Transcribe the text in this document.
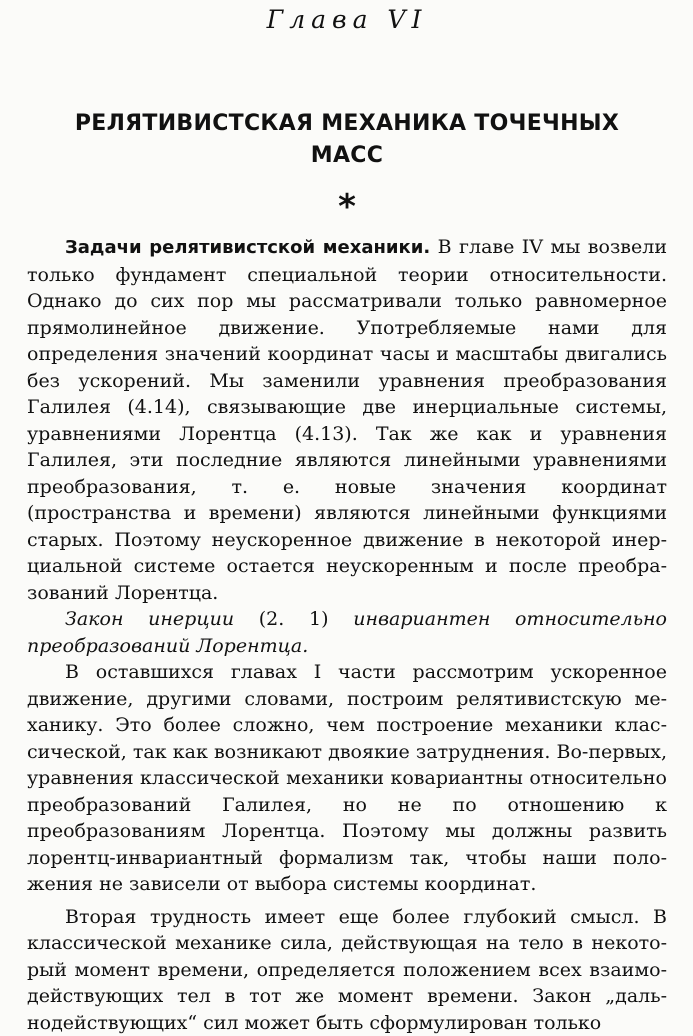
Глава VI
РЕЛЯТИВИСТСКАЯ МЕХАНИКА ТОЧЕЧНЫХ
МАСС
*

Задачи релятивистской механики. В главе IV мы возвели только фундамент специальной теории относительности. Однако до сих пор мы рассматривали только равномерное прямолинейное движение. Употребляемые нами для определения значений координат часы и масштабы двигались без ускорений. Мы заменили уравнения преобразования Галилея (4.14), связывающие две инерциальные системы, уравнениями Лорентца (4.13). Так же как и уравнения Галилея, эти последние являются линейными уравнениями преобразования, т. е. новые значения координат (пространства и времени) являются линейными функциями старых. Поэтому неускоренное движение в некоторой инерциальной системе остается неускоренным и после преобразований Лорентца.

Закон инерции (2. 1) инвариантен относительно преобразований Лорентца.

В оставшихся главах I части рассмотрим ускоренное движение, другими словами, построим релятивистскую механику. Это более сложно, чем построение механики классической, так как возникают двоякие затруднения. Во-первых, уравнения классической механики ковариантны относительно преобразований Галилея, но не по отношению к преобразованиям Лорентца. Поэтому мы должны развить лорентц-инвариантный формализм так, чтобы наши положения не зависели от выбора системы координат.

Вторая трудность имеет еще более глубокий смысл. В классической механике сила, действующая на тело в некоторый момент времени, определяется положением всех взаимодействующих тел в тот же момент времени. Закон „дальнодействующих“ сил может быть сформулирован только
